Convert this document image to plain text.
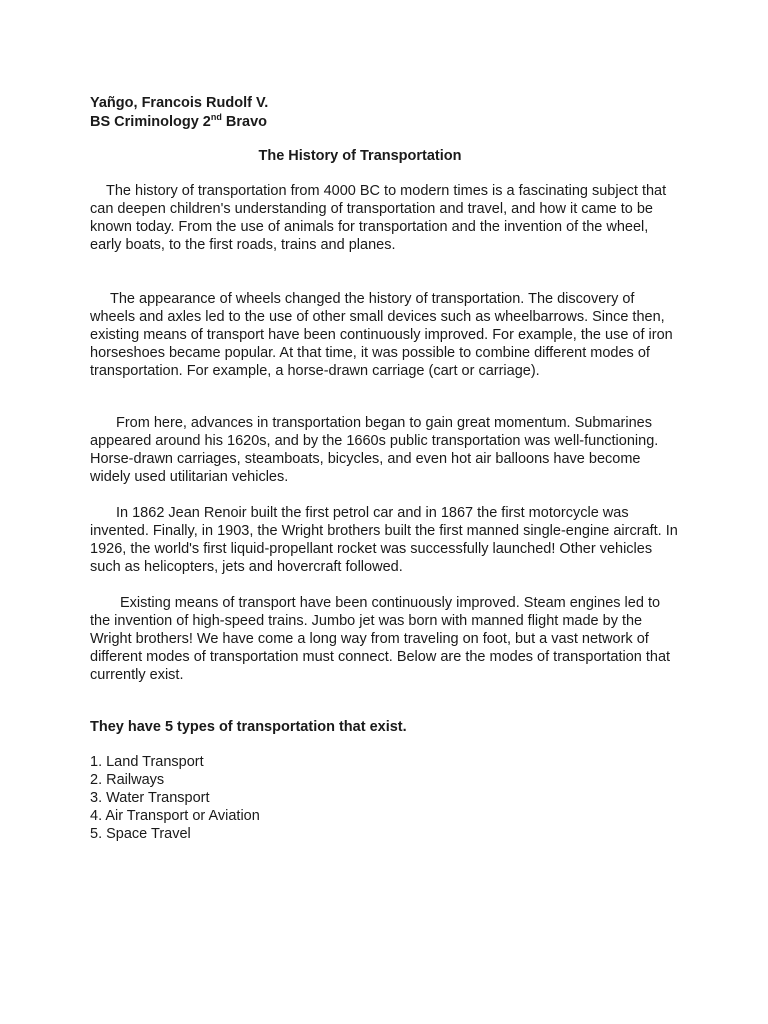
Yañgo, Francois Rudolf V.
BS Criminology 2nd Bravo
The History of Transportation

The history of transportation from 4000 BC to modern times is a fascinating subject that can deepen children's understanding of transportation and travel, and how it came to be known today. From the use of animals for transportation and the invention of the wheel, early boats, to the first roads, trains and planes.

The appearance of wheels changed the history of transportation. The discovery of wheels and axles led to the use of other small devices such as wheelbarrows. Since then, existing means of transport have been continuously improved. For example, the use of iron horseshoes became popular. At that time, it was possible to combine different modes of transportation. For example, a horse-drawn carriage (cart or carriage).

From here, advances in transportation began to gain great momentum. Submarines appeared around his 1620s, and by the 1660s public transportation was well-functioning. Horse-drawn carriages, steamboats, bicycles, and even hot air balloons have become widely used utilitarian vehicles.

In 1862 Jean Renoir built the first petrol car and in 1867 the first motorcycle was invented. Finally, in 1903, the Wright brothers built the first manned single-engine aircraft. In 1926, the world's first liquid-propellant rocket was successfully launched! Other vehicles such as helicopters, jets and hovercraft followed.

Existing means of transport have been continuously improved. Steam engines led to the invention of high-speed trains. Jumbo jet was born with manned flight made by the Wright brothers! We have come a long way from traveling on foot, but a vast network of different modes of transportation must connect. Below are the modes of transportation that currently exist.

They have 5 types of transportation that exist.
1. Land Transport
2. Railways
3. Water Transport
4. Air Transport or Aviation
5. Space Travel
